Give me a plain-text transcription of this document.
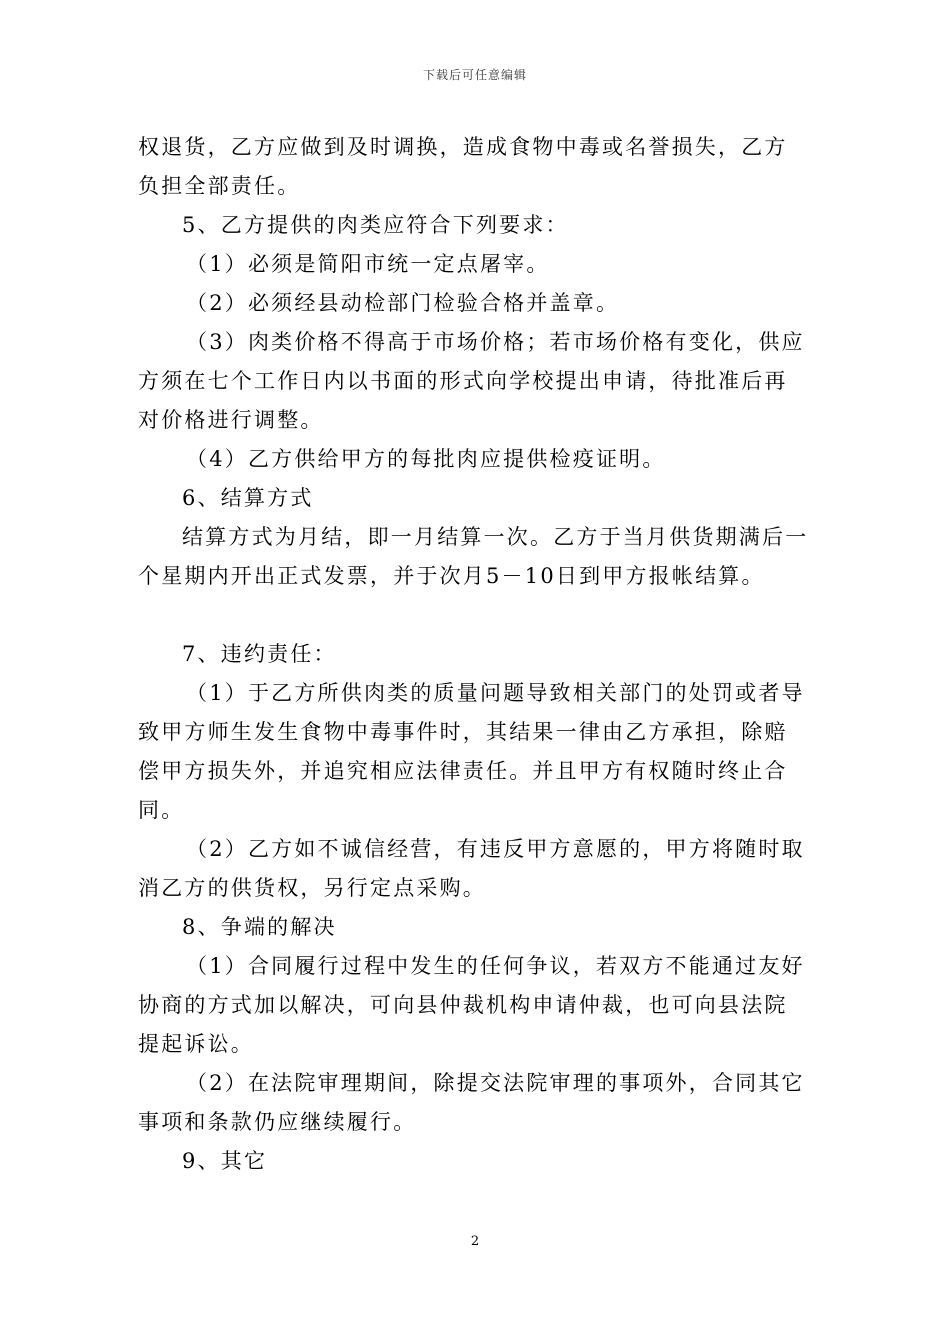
下载后可任意编辑

权退货，乙方应做到及时调换，造成食物中毒或名誉损失，乙方负担全部责任。

5、乙方提供的肉类应符合下列要求：

（1）必须是简阳市统一定点屠宰。

（2）必须经县动检部门检验合格并盖章。

（3）肉类价格不得高于市场价格；若市场价格有变化，供应方须在七个工作日内以书面的形式向学校提出申请，待批准后再对价格进行调整。

（4）乙方供给甲方的每批肉应提供检疫证明。

6、结算方式

结算方式为月结，即一月结算一次。乙方于当月供货期满后一个星期内开出正式发票，并于次月5－10日到甲方报帐结算。

7、违约责任：

（1）于乙方所供肉类的质量问题导致相关部门的处罚或者导致甲方师生发生食物中毒事件时，其结果一律由乙方承担，除赔偿甲方损失外，并追究相应法律责任。并且甲方有权随时终止合同。

（2）乙方如不诚信经营，有违反甲方意愿的，甲方将随时取消乙方的供货权，另行定点采购。

8、争端的解决

（1）合同履行过程中发生的任何争议，若双方不能通过友好协商的方式加以解决，可向县仲裁机构申请仲裁，也可向县法院提起诉讼。

（2）在法院审理期间，除提交法院审理的事项外，合同其它事项和条款仍应继续履行。

9、其它

2
